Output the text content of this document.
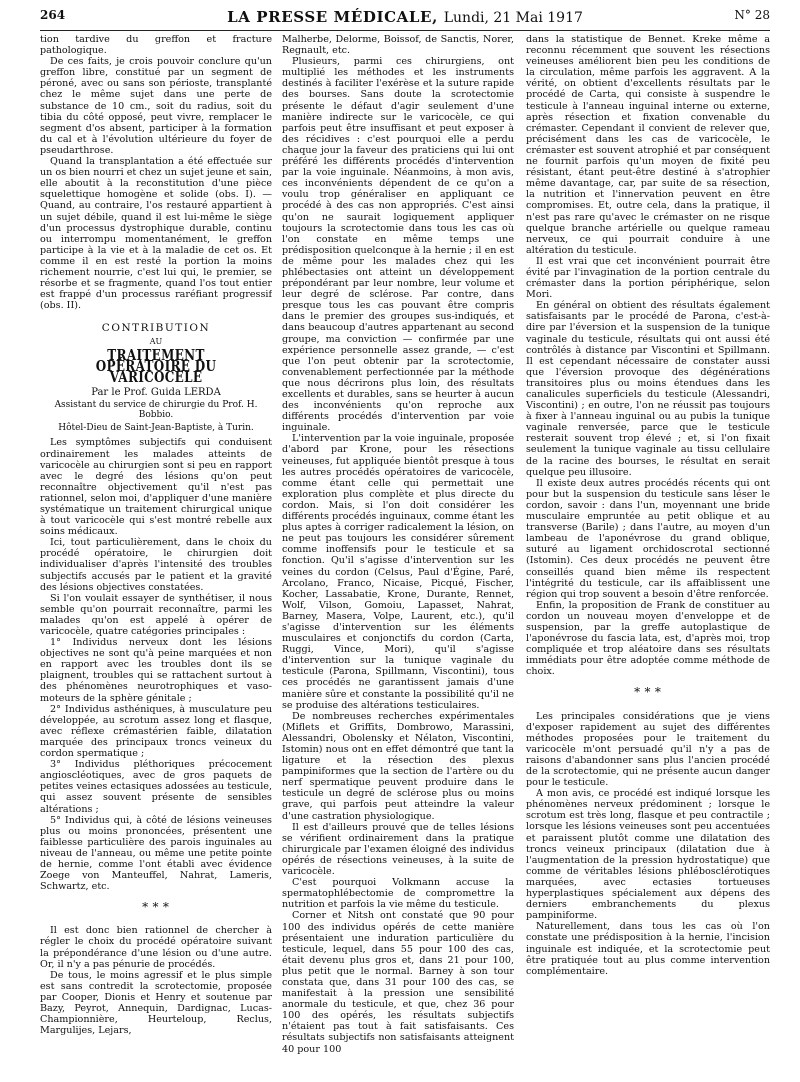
264	LA PRESSE MÉDICALE, Lundi, 21 Mai 1917	N° 28

tion tardive du greffon et fracture pathologique.

De ces faits, je crois pouvoir conclure qu'un greffon libre, constitué par un segment de péroné, avec ou sans son périoste, transplanté chez le même sujet dans une perte de substance de 10 cm., soit du radius, soit du tibia du côté opposé, peut vivre, remplacer le segment d'os absent, participer à la formation du cal et à l'évolution ultérieure du foyer de pseudarthrose.

Quand la transplantation a été effectuée sur un os bien nourri et chez un sujet jeune et sain, elle aboutit à la reconstitution d'une pièce squelettique homogène et solide (obs. I). — Quand, au contraire, l'os restauré appartient à un sujet débile, quand il est lui-même le siège d'un processus dystrophique durable, continu ou interrompu momentanément, le greffon participe à la vie et à la maladie de cet os. Et comme il en est resté la portion la moins richement nourrie, c'est lui qui, le premier, se résorbe et se fragmente, quand l'os tout entier est frappé d'un processus raréfiant progressif (obs. II).

CONTRIBUTION
AU
TRAITEMENT OPÉRATOIRE DU VARICOCÈLE
Par le Prof. Guida LERDA
Assistant du service de chirurgie du Prof. H. Bobbio.
Hôtel-Dieu de Saint-Jean-Baptiste, à Turin.

Les symptômes subjectifs qui conduisent ordinairement les malades atteints de varicocèle au chirurgien sont si peu en rapport avec le degré des lésions qu'on peut reconnaître objectivement qu'il n'est pas rationnel, selon moi, d'appliquer d'une manière systématique un traitement chirurgical unique à tout varicocèle qui s'est montré rebelle aux soins médicaux.

Ici, tout particulièrement, dans le choix du procédé opératoire, le chirurgien doit individualiser d'après l'intensité des troubles subjectifs accusés par le patient et la gravité des lésions objectives constatées.

Si l'on voulait essayer de synthétiser, il nous semble qu'on pourrait reconnaître, parmi les malades qu'on est appelé à opérer de varicocèle, quatre catégories principales :

1° Individus nerveux dont les lésions objectives ne sont qu'à peine marquées et non en rapport avec les troubles dont ils se plaignent, troubles qui se rattachent surtout à des phénomènes neurotrophiques et vaso-moteurs de la sphère génitale ;

2° Individus asthéniques, à musculature peu développée, au scrotum assez long et flasque, avec réflexe crémastérien faible, dilatation marquée des principaux troncs veineux du cordon spermatique ;

3° Individus pléthoriques précocement angioscléotiques, avec de gros paquets de petites veines ectasiques adossées au testicule, qui assez souvent présente de sensibles altérations ;

5° Individus qui, à côté de lésions veineuses plus ou moins prononcées, présentent une faiblesse particulière des parois inguinales au niveau de l'anneau, ou même une petite pointe de hernie, comme l'ont établi avec évidence Zoege von Manteuffel, Nahrat, Lameris, Schwartz, etc.

* * *

Il est donc bien rationnel de chercher à régler le choix du procédé opératoire suivant la prépondérance d'une lésion ou d'une autre. Or, il n'y a pas pénurie de procédés.

De tous, le moins agressif et le plus simple est sans contredit la scrotectomie, proposée par Cooper, Dionis et Henry et soutenue par Bazy, Peyrot, Annequin, Dardignac, Lucas-Championnière, Heurteloup, Reclus, Margulijes, Lejars,

Malherbe, Delorme, Boissof, de Sanctis, Norer, Regnault, etc.

Plusieurs, parmi ces chirurgiens, ont multiplié les méthodes et les instruments destinés à faciliter l'exérèse et la suture rapide des bourses. Sans doute la scrotectomie présente le défaut d'agir seulement d'une manière indirecte sur le varicocèle, ce qui parfois peut être insuffisant et peut exposer à des récidives : c'est pourquoi elle a perdu chaque jour la faveur des praticiens qui lui ont préféré les différents procédés d'intervention par la voie inguinale. Néanmoins, à mon avis, ces inconvénients dépendent de ce qu'on a voulu trop généraliser en appliquant ce procédé à des cas non appropriés. C'est ainsi qu'on ne saurait logiquement appliquer toujours la scrotectomie dans tous les cas où l'on constate en même temps une prédisposition quelconque à la hernie ; il en est de même pour les malades chez qui les phlébectasies ont atteint un développement prépondérant par leur nombre, leur volume et leur degré de sclérose. Par contre, dans presque tous les cas pouvant être compris dans le premier des groupes sus-indiqués, et dans beaucoup d'autres appartenant au second groupe, ma conviction — confirmée par une expérience personnelle assez grande, — c'est que l'on peut obtenir par la scrotectomie, convenablement perfectionnée par la méthode que nous décrirons plus loin, des résultats excellents et durables, sans se heurter à aucun des inconvénients qu'on reproche aux différents procédés d'intervention par voie inguinale.

L'intervention par la voie inguinale, proposée d'abord par Krone, pour les résections veineuses, fut appliquée bientôt presque à tous les autres procédés opératoires de varicocèle, comme étant celle qui permettait une exploration plus complète et plus directe du cordon. Mais, si l'on doit considérer les différents procédés inguinaux, comme étant les plus aptes à corriger radicalement la lésion, on ne peut pas toujours les considérer sûrement comme inoffensifs pour le testicule et sa fonction. Qu'il s'agisse d'intervention sur les veines du cordon (Celsus, Paul d'Égine, Paré, Arcolano, Franco, Nicaise, Picqué, Fischer, Kocher, Lassabatie, Krone, Durante, Rennet, Wolf, Vilson, Gomoiu, Lapasset, Nahrat, Barney, Masera, Volpe, Laurent, etc.), qu'il s'agisse d'intervention sur les éléments musculaires et conjonctifs du cordon (Carta, Ruggi, Vince, Mori), qu'il s'agisse d'intervention sur la tunique vaginale du testicule (Parona, Spillmann, Viscontini), tous ces procédés ne garantissent jamais d'une manière sûre et constante la possibilité qu'il ne se produise des altérations testiculaires.

De nombreuses recherches expérimentales (Miflets et Griffits, Dombrowo, Marassini, Alessandri, Obolensky et Nélaton, Viscontini, Istomin) nous ont en effet démontré que tant la ligature et la résection des plexus pampiniformes que la section de l'artère ou du nerf spermatique peuvent produire dans le testicule un degré de sclérose plus ou moins grave, qui parfois peut atteindre la valeur d'une castration physiologique.

Il est d'ailleurs prouvé que de telles lésions se vérifient ordinairement dans la pratique chirurgicale par l'examen éloigné des individus opérés de résections veineuses, à la suite de varicocèle.

C'est pourquoi Volkmann accuse la spermatophlébectomie de compromettre la nutrition et parfois la vie même du testicule.

Corner et Nitsh ont constaté que 90 pour 100 des individus opérés de cette manière présentaient une induration particulière du testicule, lequel, dans 55 pour 100 des cas, était devenu plus gros et, dans 21 pour 100, plus petit que le normal. Barney à son tour constata que, dans 31 pour 100 des cas, se manifestait à la pression une sensibilité anormale du testicule, et que, chez 36 pour 100 des opérés, les résultats subjectifs n'étaient pas tout à fait satisfaisants. Ces résultats subjectifs non satisfaisants atteignent 40 pour 100

dans la statistique de Bennet. Kreke même a reconnu récemment que souvent les résections veineuses améliorent bien peu les conditions de la circulation, même parfois les aggravent. A la vérité, on obtient d'excellents résultats par le procédé de Carta, qui consiste à suspendre le testicule à l'anneau inguinal interne ou externe, après résection et fixation convenable du crémaster. Cependant il convient de relever que, précisément dans les cas de varicocèle, le crémaster est souvent atrophié et par conséquent ne fournit parfois qu'un moyen de fixité peu résistant, étant peut-être destiné à s'atrophier même davantage, car, par suite de sa résection, la nutrition et l'innervation peuvent en être compromises. Et, outre cela, dans la pratique, il n'est pas rare qu'avec le crémaster on ne risque quelque branche artérielle ou quelque rameau nerveux, ce qui pourrait conduire à une altération du testicule.

Il est vrai que cet inconvénient pourrait être évité par l'invagination de la portion centrale du crémaster dans la portion périphérique, selon Mori.

En général on obtient des résultats également satisfaisants par le procédé de Parona, c'est-à-dire par l'éversion et la suspension de la tunique vaginale du testicule, résultats qui ont aussi été contrôlés à distance par Viscontini et Spillmann. Il est cependant nécessaire de constater aussi que l'éversion provoque des dégénérations transitoires plus ou moins étendues dans les canalicules superficiels du testicule (Alessandri, Viscontini) ; en outre, l'on ne réussit pas toujours à fixer à l'anneau inguinal ou au pubis la tunique vaginale renversée, parce que le testicule resterait souvent trop élevé ; et, si l'on fixait seulement la tunique vaginale au tissu cellulaire de la racine des bourses, le résultat en serait quelque peu illusoire.

Il existe deux autres procédés récents qui ont pour but la suspension du testicule sans léser le cordon, savoir : dans l'un, moyennant une bride musculaire empruntée au petit oblique et au transverse (Barile) ; dans l'autre, au moyen d'un lambeau de l'aponévrose du grand oblique, suturé au ligament orchidoscrotal sectionné (Istomin). Ces deux procédés ne peuvent être conseillés quand bien même ils respectent l'intégrité du testicule, car ils affaiblissent une région qui trop souvent a besoin d'être renforcée.

Enfin, la proposition de Frank de constituer au cordon un nouveau moyen d'enveloppe et de suspension, par la greffe autoplastique de l'aponévrose du fascia lata, est, d'après moi, trop compliquée et trop aléatoire dans ses résultats immédiats pour être adoptée comme méthode de choix.

* * *

Les principales considérations que je viens d'exposer rapidement au sujet des différentes méthodes proposées pour le traitement du varicocèle m'ont persuadé qu'il n'y a pas de raisons d'abandonner sans plus l'ancien procédé de la scrotectomie, qui ne présente aucun danger pour le testicule.

A mon avis, ce procédé est indiqué lorsque les phénomènes nerveux prédominent ; lorsque le scrotum est très long, flasque et peu contractile ; lorsque les lésions veineuses sont peu accentuées et paraissent plutôt comme une dilatation des troncs veineux principaux (dilatation due à l'augmentation de la pression hydrostatique) que comme de véritables lésions phlébosclérotiques marquées, avec ectasies tortueuses hyperplastiques spécialement aux dépens des derniers embranchements du plexus pampiniforme.

Naturellement, dans tous les cas où l'on constate une prédisposition à la hernie, l'incision inguinale est indiquée, et la scrotectomie peut être pratiquée tout au plus comme intervention complémentaire.
